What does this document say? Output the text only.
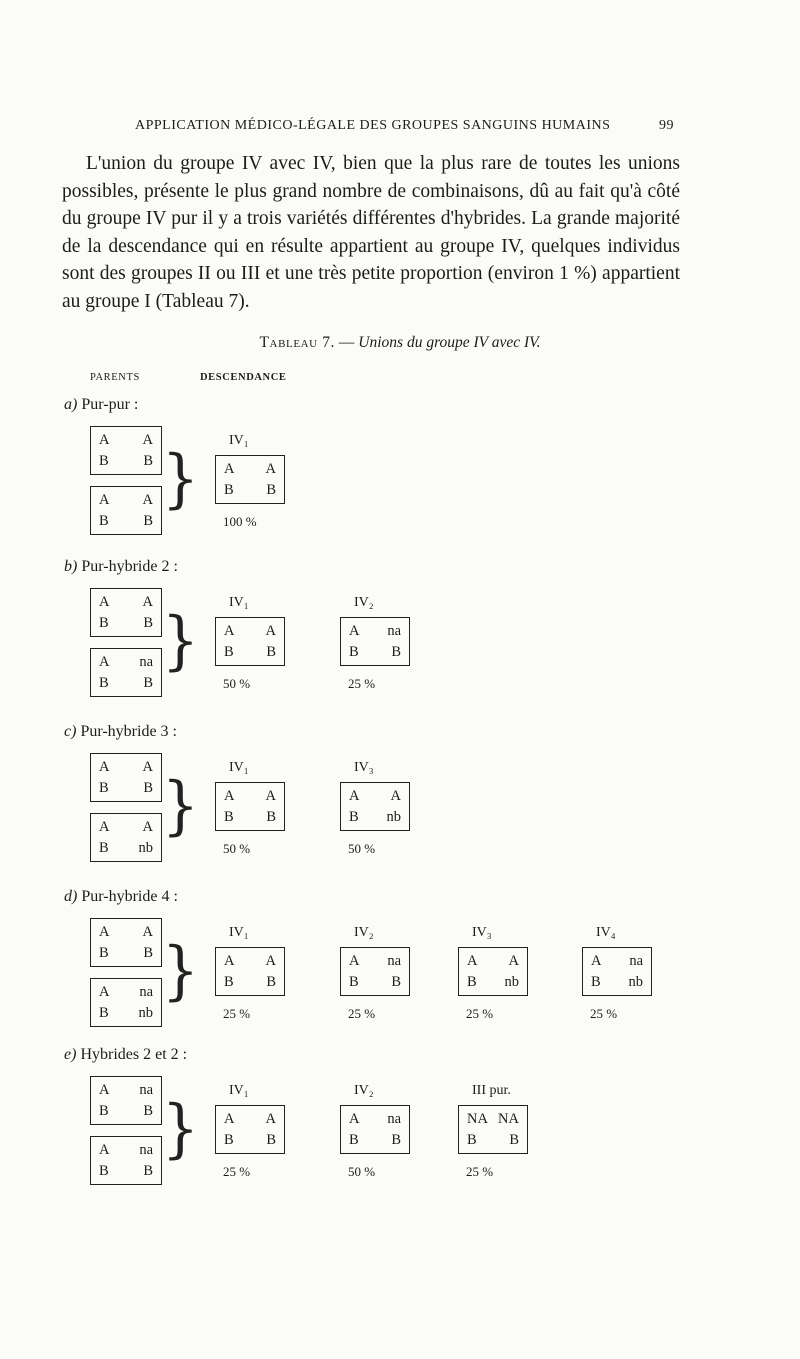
APPLICATION MÉDICO-LÉGALE DES GROUPES SANGUINS HUMAINS	99

L'union du groupe IV avec IV, bien que la plus rare de toutes les unions possibles, présente le plus grand nombre de combinaisons, dû au fait qu'à côté du groupe IV pur il y a trois variétés différentes d'hybrides. La grande majorité de la descendance qui en résulte appartient au groupe IV, quelques individus sont des groupes II ou III et une très petite proportion (environ 1 %) appartient au groupe I (Tableau 7).

Tableau 7. — Unions du groupe IV avec IV.
PARENTS	DESCENDANCE
a) Pur-pur :
A A
B B
A A
B B
} IV₁
A A
B B
100 %
b) Pur-hybride 2 :
A A
B B
A na
B B
} IV₁
A A
B B
50 %
IV₂
A na
B B
25 %
c) Pur-hybride 3 :
A A
B B
A A
B nb
} IV₁
A A
B B
50 %
IV₃
A A
B nb
50 %
d) Pur-hybride 4 :
A A
B B
A na
B nb
} IV₁
A A
B B
25 %
IV₂
A na
B B
25 %
IV₃
A A
B nb
25 %
IV₄
A na
B nb
25 %
e) Hybrides 2 et 2 :
A na
B B
A na
B B
} IV₁
A A
B B
25 %
IV₂
A na
B B
50 %
III pur.
NA NA
B B
25 %
